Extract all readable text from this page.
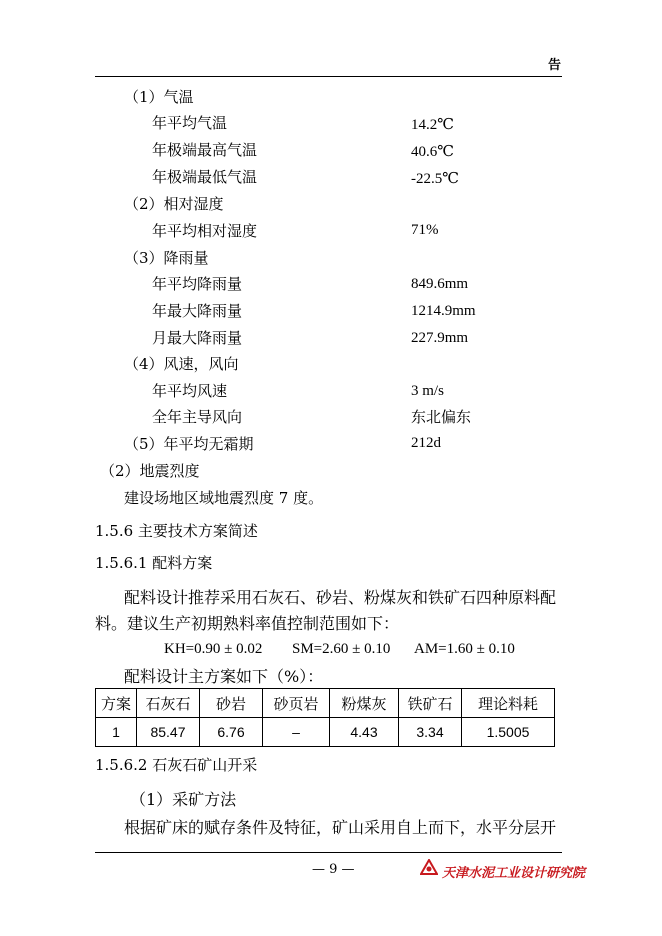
告
（1）气温
年平均气温	14.2℃
年极端最高气温	40.6℃
年极端最低气温	-22.5℃
（2）相对湿度
年平均相对湿度	71%
（3）降雨量
年平均降雨量	849.6mm
年最大降雨量	1214.9mm
月最大降雨量	227.9mm
（4）风速，风向
年平均风速	3 m/s
全年主导风向	东北偏东
（5）年平均无霜期	212d
（2）地震烈度
建设场地区域地震烈度 7 度。
1.5.6 主要技术方案简述
1.5.6.1 配料方案
配料设计推荐采用石灰石、砂岩、粉煤灰和铁矿石四种原料配
料。建议生产初期熟料率值控制范围如下：
KH=0.90 ± 0.02 SM=2.60 ± 0.10 AM=1.60 ± 0.10
配料设计主方案如下（%）：
方案	石灰石	砂岩	砂页岩	粉煤灰	铁矿石	理论料耗
1	85.47	6.76	–	4.43	3.34	1.5005
1.5.6.2 石灰石矿山开采
（1）采矿方法
根据矿床的赋存条件及特征，矿山采用自上而下，水平分层开
— 9 —	天津水泥工业设计研究院
